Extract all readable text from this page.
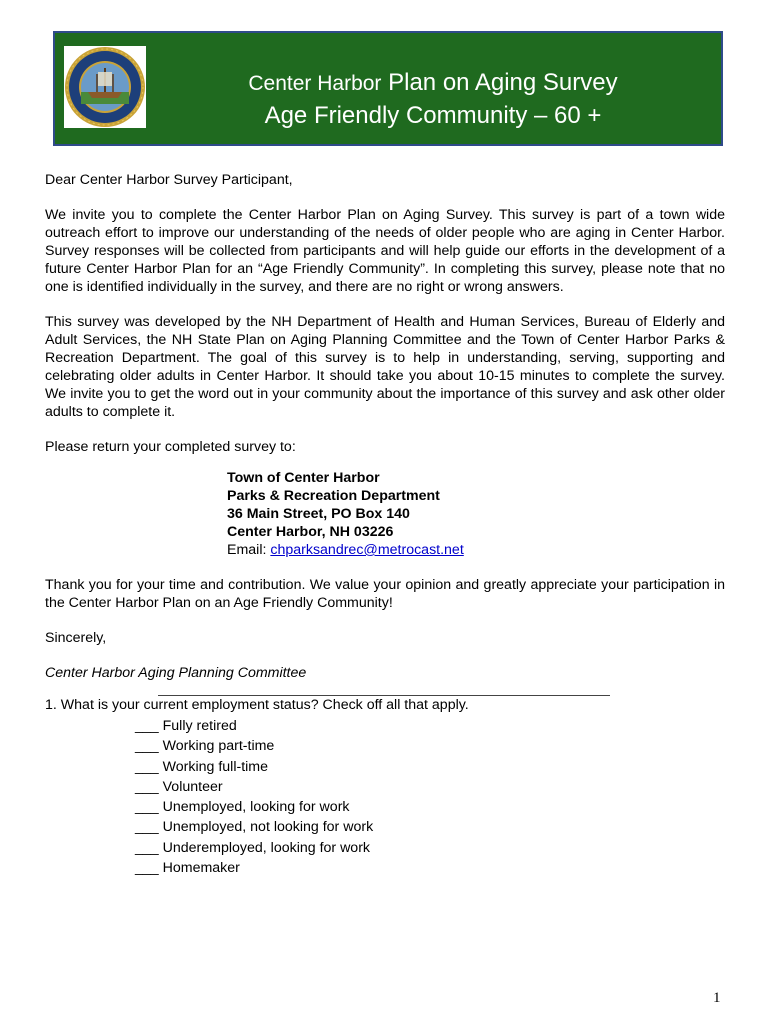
Center Harbor Plan on Aging Survey
Age Friendly Community – 60 +

Dear Center Harbor Survey Participant,

We invite you to complete the Center Harbor Plan on Aging Survey. This survey is part of a town wide outreach effort to improve our understanding of the needs of older people who are aging in Center Harbor. Survey responses will be collected from participants and will help guide our efforts in the development of a future Center Harbor Plan for an “Age Friendly Community”. In completing this survey, please note that no one is identified individually in the survey, and there are no right or wrong answers.

This survey was developed by the NH Department of Health and Human Services, Bureau of Elderly and Adult Services, the NH State Plan on Aging Planning Committee and the Town of Center Harbor Parks & Recreation Department. The goal of this survey is to help in understanding, serving, supporting and celebrating older adults in Center Harbor. It should take you about 10-15 minutes to complete the survey. We invite you to get the word out in your community about the importance of this survey and ask other older adults to complete it.

Please return your completed survey to:

Town of Center Harbor
Parks & Recreation Department
36 Main Street, PO Box 140
Center Harbor, NH 03226
Email: chparksandrec@metrocast.net

Thank you for your time and contribution. We value your opinion and greatly appreciate your participation in the Center Harbor Plan on an Age Friendly Community!

Sincerely,

Center Harbor Aging Planning Committee

1. What is your current employment status? Check off all that apply.

___ Fully retired
___ Working part-time
___ Working full-time
___ Volunteer
___ Unemployed, looking for work
___ Unemployed, not looking for work
___ Underemployed, looking for work
___ Homemaker
1
